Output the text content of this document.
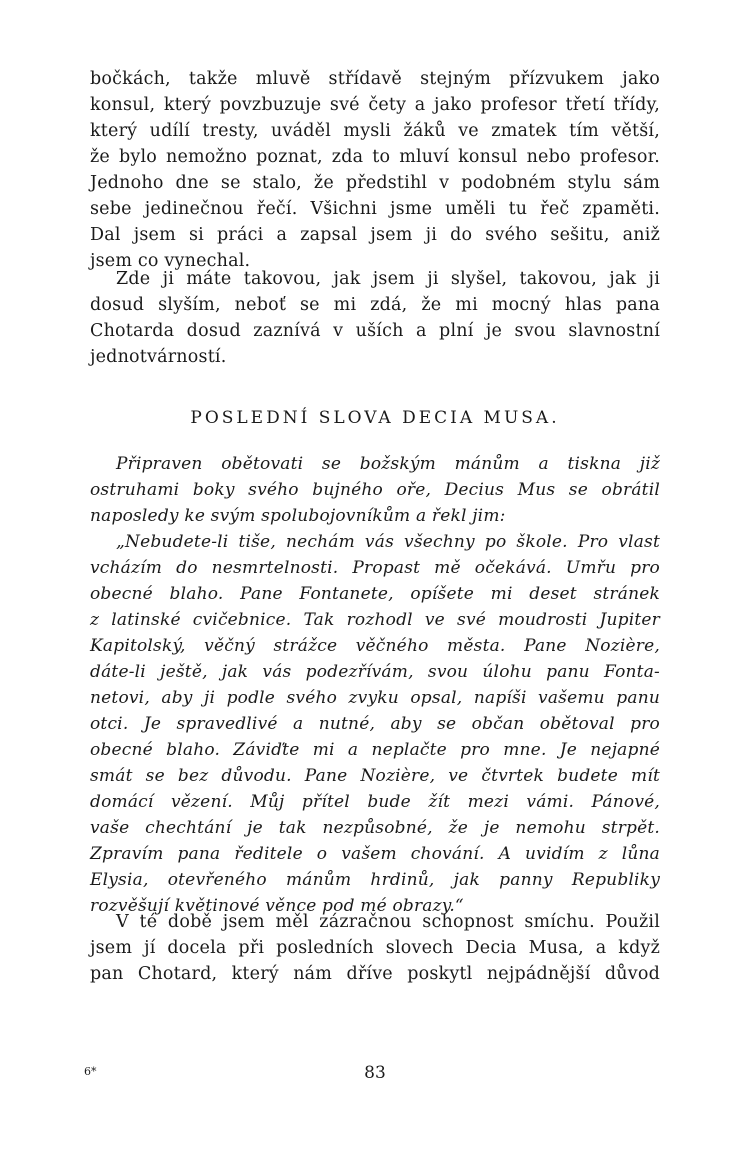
bočkách, takže mluvě střídavě stejným přízvukem jako
konsul, který povzbuzuje své čety a jako profesor třetí třídy,
který udílí tresty, uváděl mysli žáků ve zmatek tím větší,
že bylo nemožno poznat, zda to mluví konsul nebo profesor.
Jednoho dne se stalo, že předstihl v podobném stylu sám
sebe jedinečnou řečí. Všichni jsme uměli tu řeč zpaměti.
Dal jsem si práci a zapsal jsem ji do svého sešitu, aniž
jsem co vynechal.
Zde ji máte takovou, jak jsem ji slyšel, takovou, jak ji
dosud slyším, neboť se mi zdá, že mi mocný hlas pana
Chotarda dosud zaznívá v uších a plní je svou slavnostní
jednotvárností.
POSLEDNÍ SLOVA DECIA MUSA.
Připraven obětovati se božským mánům a tiskna již
ostruhami boky svého bujného oře, Decius Mus se obrátil
naposledy ke svým spolubojovníkům a řekl jim:
„Nebudete-li tiše, nechám vás všechny po škole. Pro vlast
vcházím do nesmrtelnosti. Propast mě očekává. Umřu pro
obecné blaho. Pane Fontanete, opíšete mi deset stránek
z latinské cvičebnice. Tak rozhodl ve své moudrosti Jupiter
Kapitolský, věčný strážce věčného města. Pane Nozière,
dáte-li ještě, jak vás podezřívám, svou úlohu panu Fonta-
netovi, aby ji podle svého zvyku opsal, napíši vašemu panu
otci. Je spravedlivé a nutné, aby se občan obětoval pro
obecné blaho. Záviďte mi a neplačte pro mne. Je nejapné
smát se bez důvodu. Pane Nozière, ve čtvrtek budete mít
domácí vězení. Můj přítel bude žít mezi vámi. Pánové,
vaše chechtání je tak nezpůsobné, že je nemohu strpět.
Zpravím pana ředitele o vašem chování. A uvidím z lůna
Elysia, otevřeného mánům hrdinů, jak panny Republiky
rozvěšují květinové věnce pod mé obrazy.“
V té době jsem měl zázračnou schopnost smíchu. Použil
jsem jí docela při posledních slovech Decia Musa, a když
pan Chotard, který nám dříve poskytl nejpádnější důvod
6*	83
